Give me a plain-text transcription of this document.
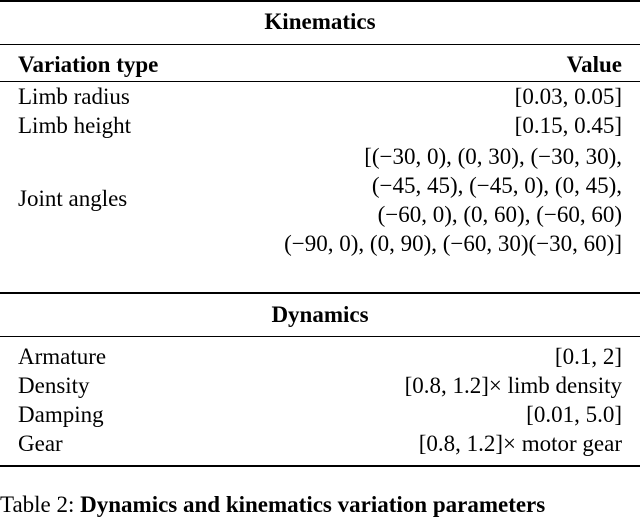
Kinematics
Variation type	Value
Limb radius	[0.03, 0.05]
Limb height	[0.15, 0.45]
Joint angles
[(−30, 0), (0, 30), (−30, 30),
(−45, 45), (−45, 0), (0, 45),
(−60, 0), (0, 60), (−60, 60)
(−90, 0), (0, 90), (−60, 30)(−30, 60)]
Dynamics
Armature	[0.1, 2]
Density	[0.8, 1.2]× limb density
Damping	[0.01, 5.0]
Gear	[0.8, 1.2]× motor gear
Table 2: Dynamics and kinematics variation parameters
